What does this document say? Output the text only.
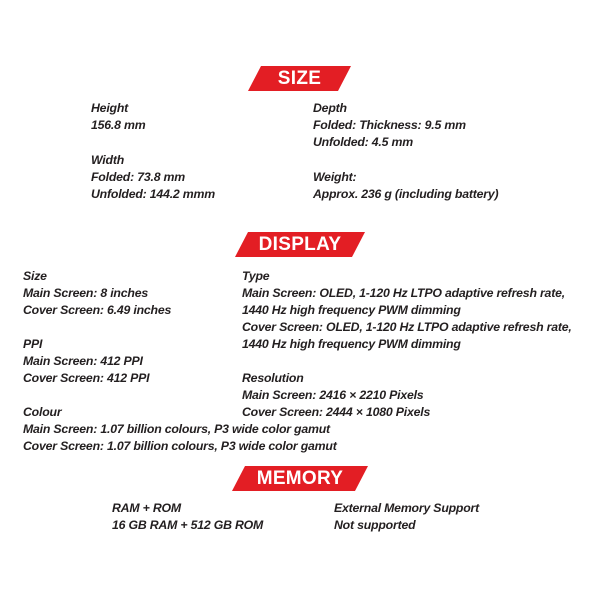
SIZE
Height
156.8 mm
Width
Folded: 73.8 mm
Unfolded: 144.2 mmm
Depth
Folded: Thickness: 9.5 mm
Unfolded: 4.5 mm
Weight:
Approx. 236 g (including battery)
DISPLAY
Size
Main Screen: 8 inches
Cover Screen: 6.49 inches
PPI
Main Screen: 412 PPI
Cover Screen: 412 PPI
Colour
Main Screen: 1.07 billion colours, P3 wide color gamut
Cover Screen: 1.07 billion colours, P3 wide color gamut
Type
Main Screen: OLED, 1-120 Hz LTPO adaptive refresh rate,
1440 Hz high frequency PWM dimming
Cover Screen: OLED, 1-120 Hz LTPO adaptive refresh rate,
1440 Hz high frequency PWM dimming
Resolution
Main Screen: 2416 × 2210 Pixels
Cover Screen: 2444 × 1080 Pixels
MEMORY
RAM + ROM
16 GB RAM + 512 GB ROM
External Memory Support
Not supported
